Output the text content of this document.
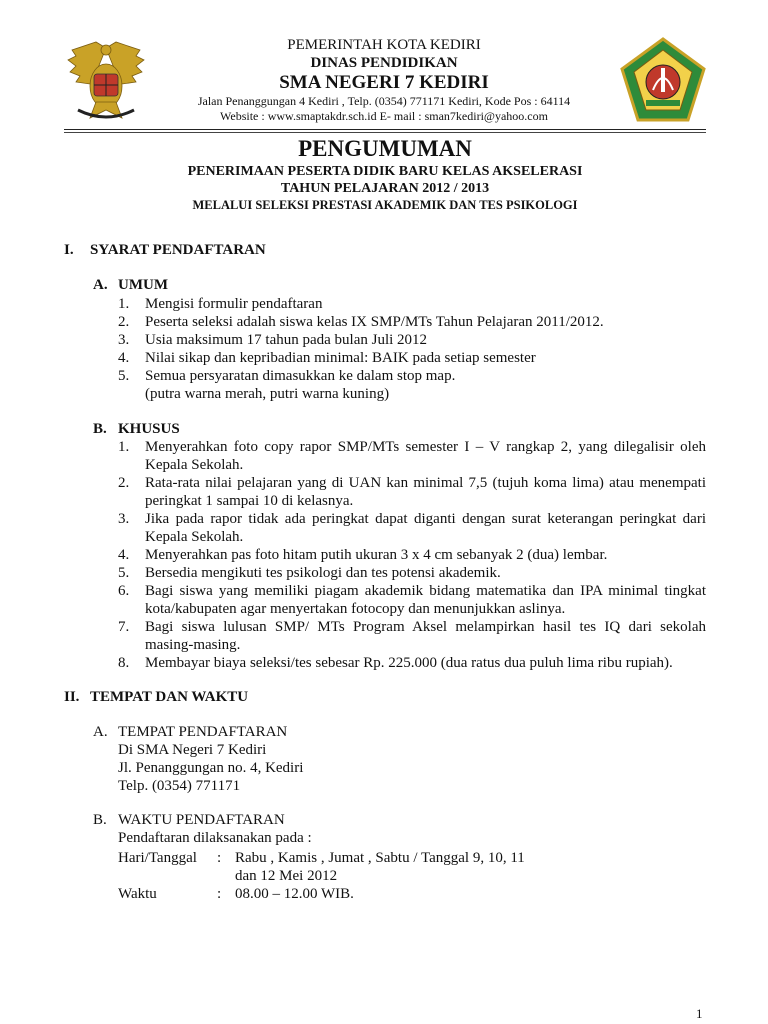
PEMERINTAH KOTA KEDIRI
DINAS PENDIDIKAN
SMA NEGERI 7 KEDIRI
Jalan Penanggungan 4 Kediri , Telp. (0354) 771171 Kediri, Kode Pos : 64114
Website : www.smaptakdr.sch.id E- mail : sman7kediri@yahoo.com
PENGUMUMAN
PENERIMAAN PESERTA DIDIK BARU KELAS AKSELERASI
TAHUN PELAJARAN 2012 / 2013
MELALUI SELEKSI PRESTASI AKADEMIK DAN TES PSIKOLOGI
I. SYARAT PENDAFTARAN
A. UMUM
1. Mengisi formulir pendaftaran
2. Peserta seleksi adalah siswa kelas IX SMP/MTs Tahun Pelajaran 2011/2012.
3. Usia maksimum 17 tahun pada bulan Juli 2012
4. Nilai sikap dan kepribadian minimal: BAIK pada setiap semester
5. Semua persyaratan dimasukkan ke dalam stop map.
(putra warna merah, putri warna kuning)
B. KHUSUS
1. Menyerahkan foto copy rapor SMP/MTs semester I – V rangkap 2, yang dilegalisir oleh
Kepala Sekolah.
2. Rata-rata nilai pelajaran yang di UAN kan minimal 7,5 (tujuh koma lima) atau menempati
peringkat 1 sampai 10 di kelasnya.
3. Jika pada rapor tidak ada peringkat dapat diganti dengan surat keterangan peringkat dari
Kepala Sekolah.
4. Menyerahkan pas foto hitam putih ukuran 3 x 4 cm sebanyak 2 (dua) lembar.
5. Bersedia mengikuti tes psikologi dan tes potensi akademik.
6. Bagi siswa yang memiliki piagam akademik bidang matematika dan IPA minimal tingkat
kota/kabupaten agar menyertakan fotocopy dan menunjukkan aslinya.
7. Bagi siswa lulusan SMP/ MTs Program Aksel melampirkan hasil tes IQ dari sekolah
masing-masing.
8. Membayar biaya seleksi/tes sebesar Rp. 225.000 (dua ratus dua puluh lima ribu rupiah).
II. TEMPAT DAN WAKTU
A. TEMPAT PENDAFTARAN
Di SMA Negeri 7 Kediri
Jl. Penanggungan no. 4, Kediri
Telp. (0354) 771171
B. WAKTU PENDAFTARAN
Pendaftaran dilaksanakan pada :
Hari/Tanggal : Rabu , Kamis , Jumat , Sabtu / Tanggal 9, 10, 11
dan 12 Mei 2012
Waktu	: 08.00 – 12.00 WIB.
1
